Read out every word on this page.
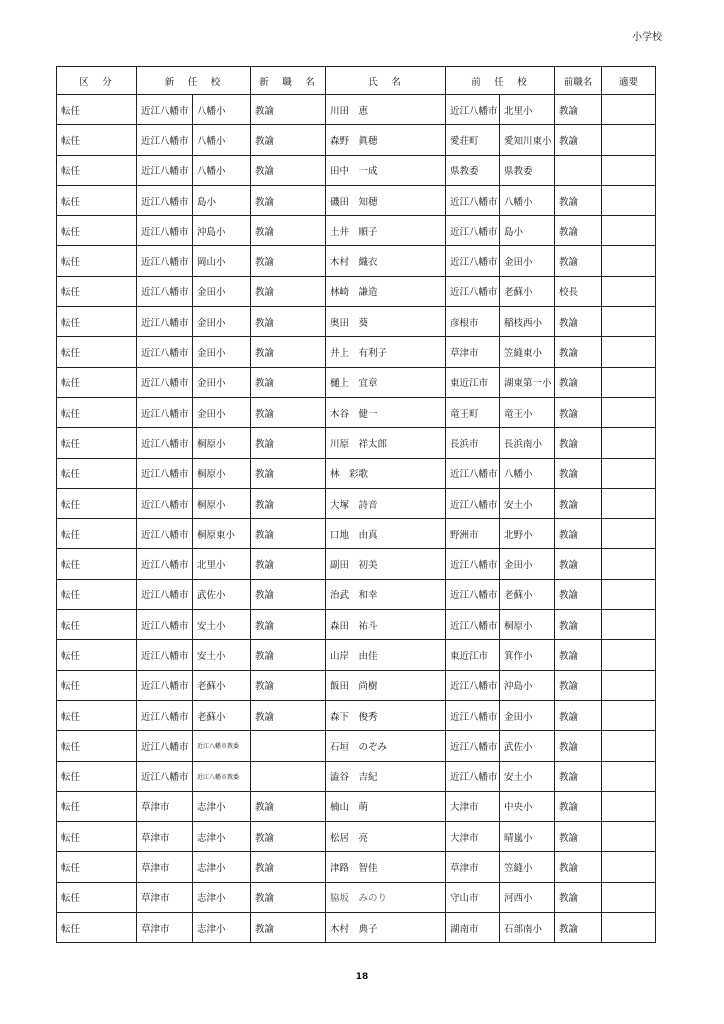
小学校
区　分	新　任　校		新　職　名	氏　名	前　任　校		前職名	適要
転任	近江八幡市	八幡小	教諭	川田　恵	近江八幡市	北里小	教諭	
転任	近江八幡市	八幡小	教諭	森野　眞穂	愛荘町	愛知川東小	教諭	
転任	近江八幡市	八幡小	教諭	田中　一成	県教委	県教委		
転任	近江八幡市	島小	教諭	磯田　知穂	近江八幡市	八幡小	教諭	
転任	近江八幡市	沖島小	教諭	土井　順子	近江八幡市	島小	教諭	
転任	近江八幡市	岡山小	教諭	木村　織衣	近江八幡市	金田小	教諭	
転任	近江八幡市	金田小	教諭	林崎　謙造	近江八幡市	老蘇小	校長	
転任	近江八幡市	金田小	教諭	奥田　葵	彦根市	稲枝西小	教諭	
転任	近江八幡市	金田小	教諭	井上　有利子	草津市	笠縫東小	教諭	
転任	近江八幡市	金田小	教諭	樋上　宜章	東近江市	湖東第一小	教諭	
転任	近江八幡市	金田小	教諭	木谷　健一	竜王町	竜王小	教諭	
転任	近江八幡市	桐原小	教諭	川原　祥太郎	長浜市	長浜南小	教諭	
転任	近江八幡市	桐原小	教諭	林　彩歌	近江八幡市	八幡小	教諭	
転任	近江八幡市	桐原小	教諭	大塚　詩音	近江八幡市	安土小	教諭	
転任	近江八幡市	桐原東小	教諭	口地　由真	野洲市	北野小	教諭	
転任	近江八幡市	北里小	教諭	副田　初美	近江八幡市	金田小	教諭	
転任	近江八幡市	武佐小	教諭	治武　和幸	近江八幡市	老蘇小	教諭	
転任	近江八幡市	安土小	教諭	森田　祐斗	近江八幡市	桐原小	教諭	
転任	近江八幡市	安土小	教諭	山岸　由佳	東近江市	箕作小	教諭	
転任	近江八幡市	老蘇小	教諭	飯田　尚樹	近江八幡市	沖島小	教諭	
転任	近江八幡市	老蘇小	教諭	森下　俊秀	近江八幡市	金田小	教諭	
転任	近江八幡市	近江八幡市教委		石垣　のぞみ	近江八幡市	武佐小	教諭	
転任	近江八幡市	近江八幡市教委		澁谷　吉紀	近江八幡市	安土小	教諭	
転任	草津市	志津小	教諭	楠山　萌	大津市	中央小	教諭	
転任	草津市	志津小	教諭	松居　亮	大津市	晴嵐小	教諭	
転任	草津市	志津小	教諭	津路　智佳	草津市	笠縫小	教諭	
転任	草津市	志津小	教諭	脇坂　みのり	守山市	河西小	教諭	
転任	草津市	志津小	教諭	木村　典子	湖南市	石部南小	教諭	
18
